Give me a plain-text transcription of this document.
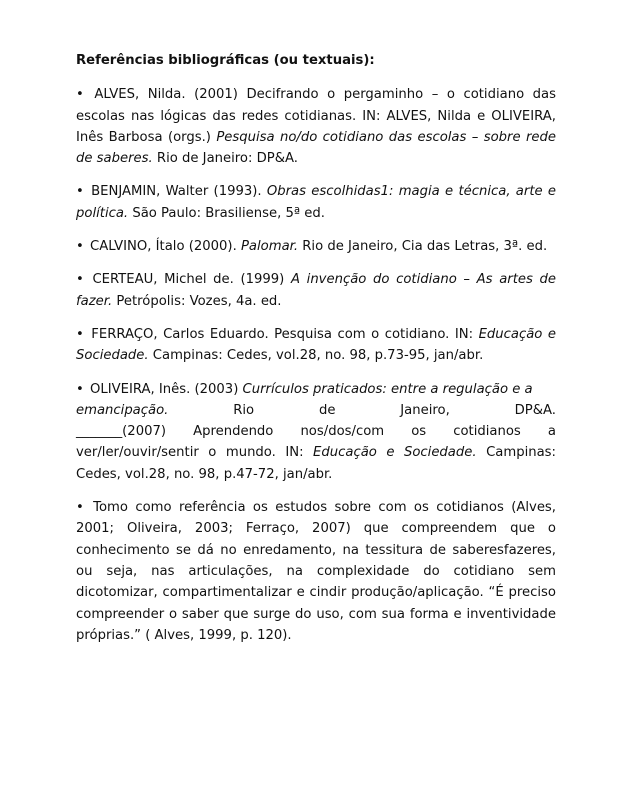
Referências bibliográficas (ou textuais):

• ALVES, Nilda. (2001) Decifrando o pergaminho – o cotidiano das escolas nas lógicas das redes cotidianas. IN: ALVES, Nilda e OLIVEIRA, Inês Barbosa (orgs.) Pesquisa no/do cotidiano das escolas – sobre rede de saberes. Rio de Janeiro: DP&A.

• BENJAMIN, Walter (1993). Obras escolhidas1: magia e técnica, arte e política. São Paulo: Brasiliense, 5ª ed.

• CALVINO, Ítalo (2000). Palomar. Rio de Janeiro, Cia das Letras, 3ª. ed.

• CERTEAU, Michel de. (1999) A invenção do cotidiano – As artes de fazer. Petrópolis: Vozes, 4a. ed.

• FERRAÇO, Carlos Eduardo. Pesquisa com o cotidiano. IN: Educação e Sociedade. Campinas: Cedes, vol.28, no. 98, p.73-95, jan/abr.

• OLIVEIRA, Inês. (2003) Currículos praticados: entre a regulação e a
emancipação.	Rio	de	Janeiro,	DP&A.
_______(2007) Aprendendo nos/dos/com os cotidianos a
ver/ler/ouvir/sentir o mundo. IN: Educação e Sociedade. Campinas:
Cedes, vol.28, no. 98, p.47-72, jan/abr.

• Tomo como referência os estudos sobre com os cotidianos (Alves, 2001; Oliveira, 2003; Ferraço, 2007) que compreendem que o conhecimento se dá no enredamento, na tessitura de saberesfazeres, ou seja, nas articulações, na complexidade do cotidiano sem dicotomizar, compartimentalizar e cindir produção/aplicação. “É preciso compreender o saber que surge do uso, com sua forma e inventividade próprias.” ( Alves, 1999, p. 120).
